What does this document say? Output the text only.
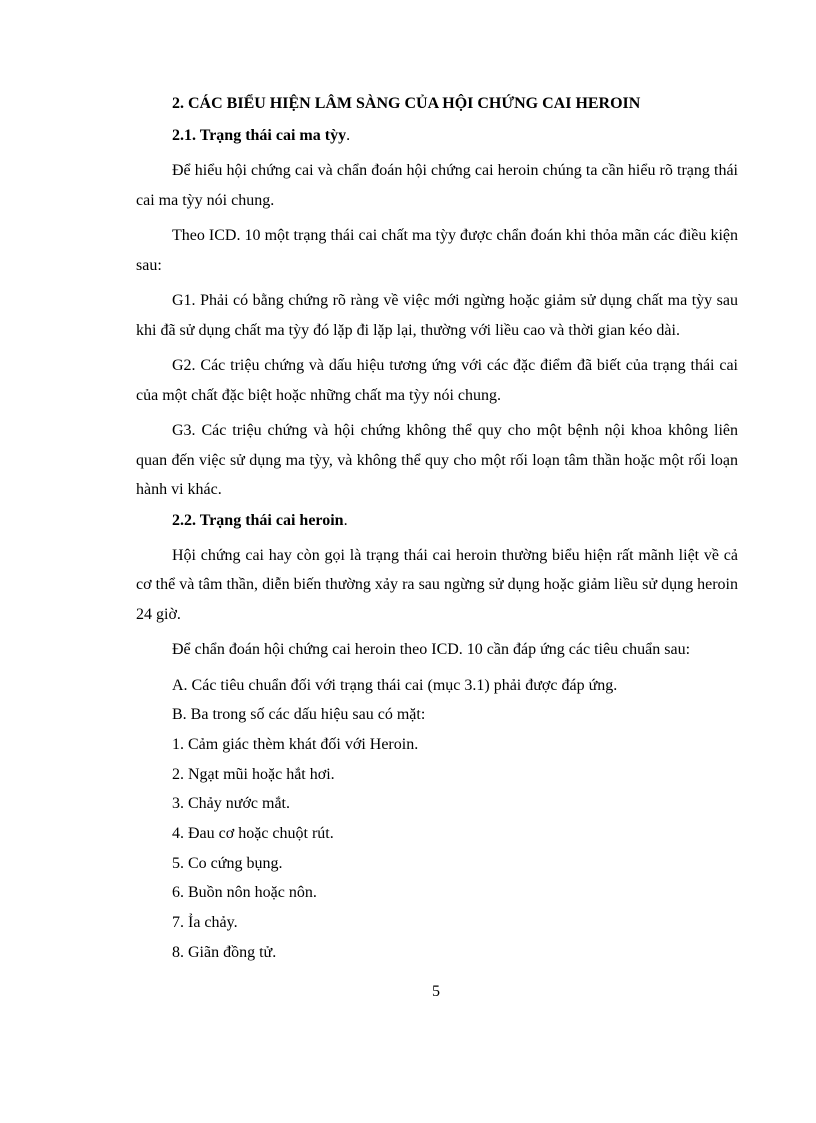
2. CÁC BIỂU HIỆN LÂM SÀNG CỦA HỘI CHỨNG CAI HEROIN
2.1. Trạng thái cai ma tỳy.

Để hiểu hội chứng cai và chẩn đoán hội chứng cai heroin chúng ta cần hiểu rõ trạng thái cai ma tỳy nói chung.

Theo ICD. 10 một trạng thái cai chất ma tỳy được chẩn đoán khi thỏa mãn các điều kiện sau:

G1. Phải có bằng chứng rõ ràng về việc mới ngừng hoặc giảm sử dụng chất ma tỳy sau khi đã sử dụng chất ma tỳy đó lặp đi lặp lại, thường với liều cao và thời gian kéo dài.

G2. Các triệu chứng và dấu hiệu tương ứng với các đặc điểm đã biết của trạng thái cai của một chất đặc biệt hoặc những chất ma tỳy nói chung.

G3. Các triệu chứng và hội chứng không thể quy cho một bệnh nội khoa không liên quan đến việc sử dụng ma tỳy, và không thể quy cho một rối loạn tâm thần hoặc một rối loạn hành vi khác.

2.2. Trạng thái cai heroin.

Hội chứng cai hay còn gọi là trạng thái cai heroin thường biểu hiện rất mãnh liệt về cả cơ thể và tâm thần, diễn biến thường xảy ra sau ngừng sử dụng hoặc giảm liều sử dụng heroin 24 giờ.

Để chẩn đoán hội chứng cai heroin theo ICD. 10 cần đáp ứng các tiêu chuẩn sau:

A. Các tiêu chuẩn đối với trạng thái cai (mục 3.1) phải được đáp ứng.

B. Ba trong số các dấu hiệu sau có mặt:

1. Cảm giác thèm khát đối với Heroin.

2. Ngạt mũi hoặc hắt hơi.

3. Chảy nước mắt.

4. Đau cơ hoặc chuột rút.

5. Co cứng bụng.

6. Buồn nôn hoặc nôn.

7. Ỉa chảy.

8. Giãn đồng tử.

5
